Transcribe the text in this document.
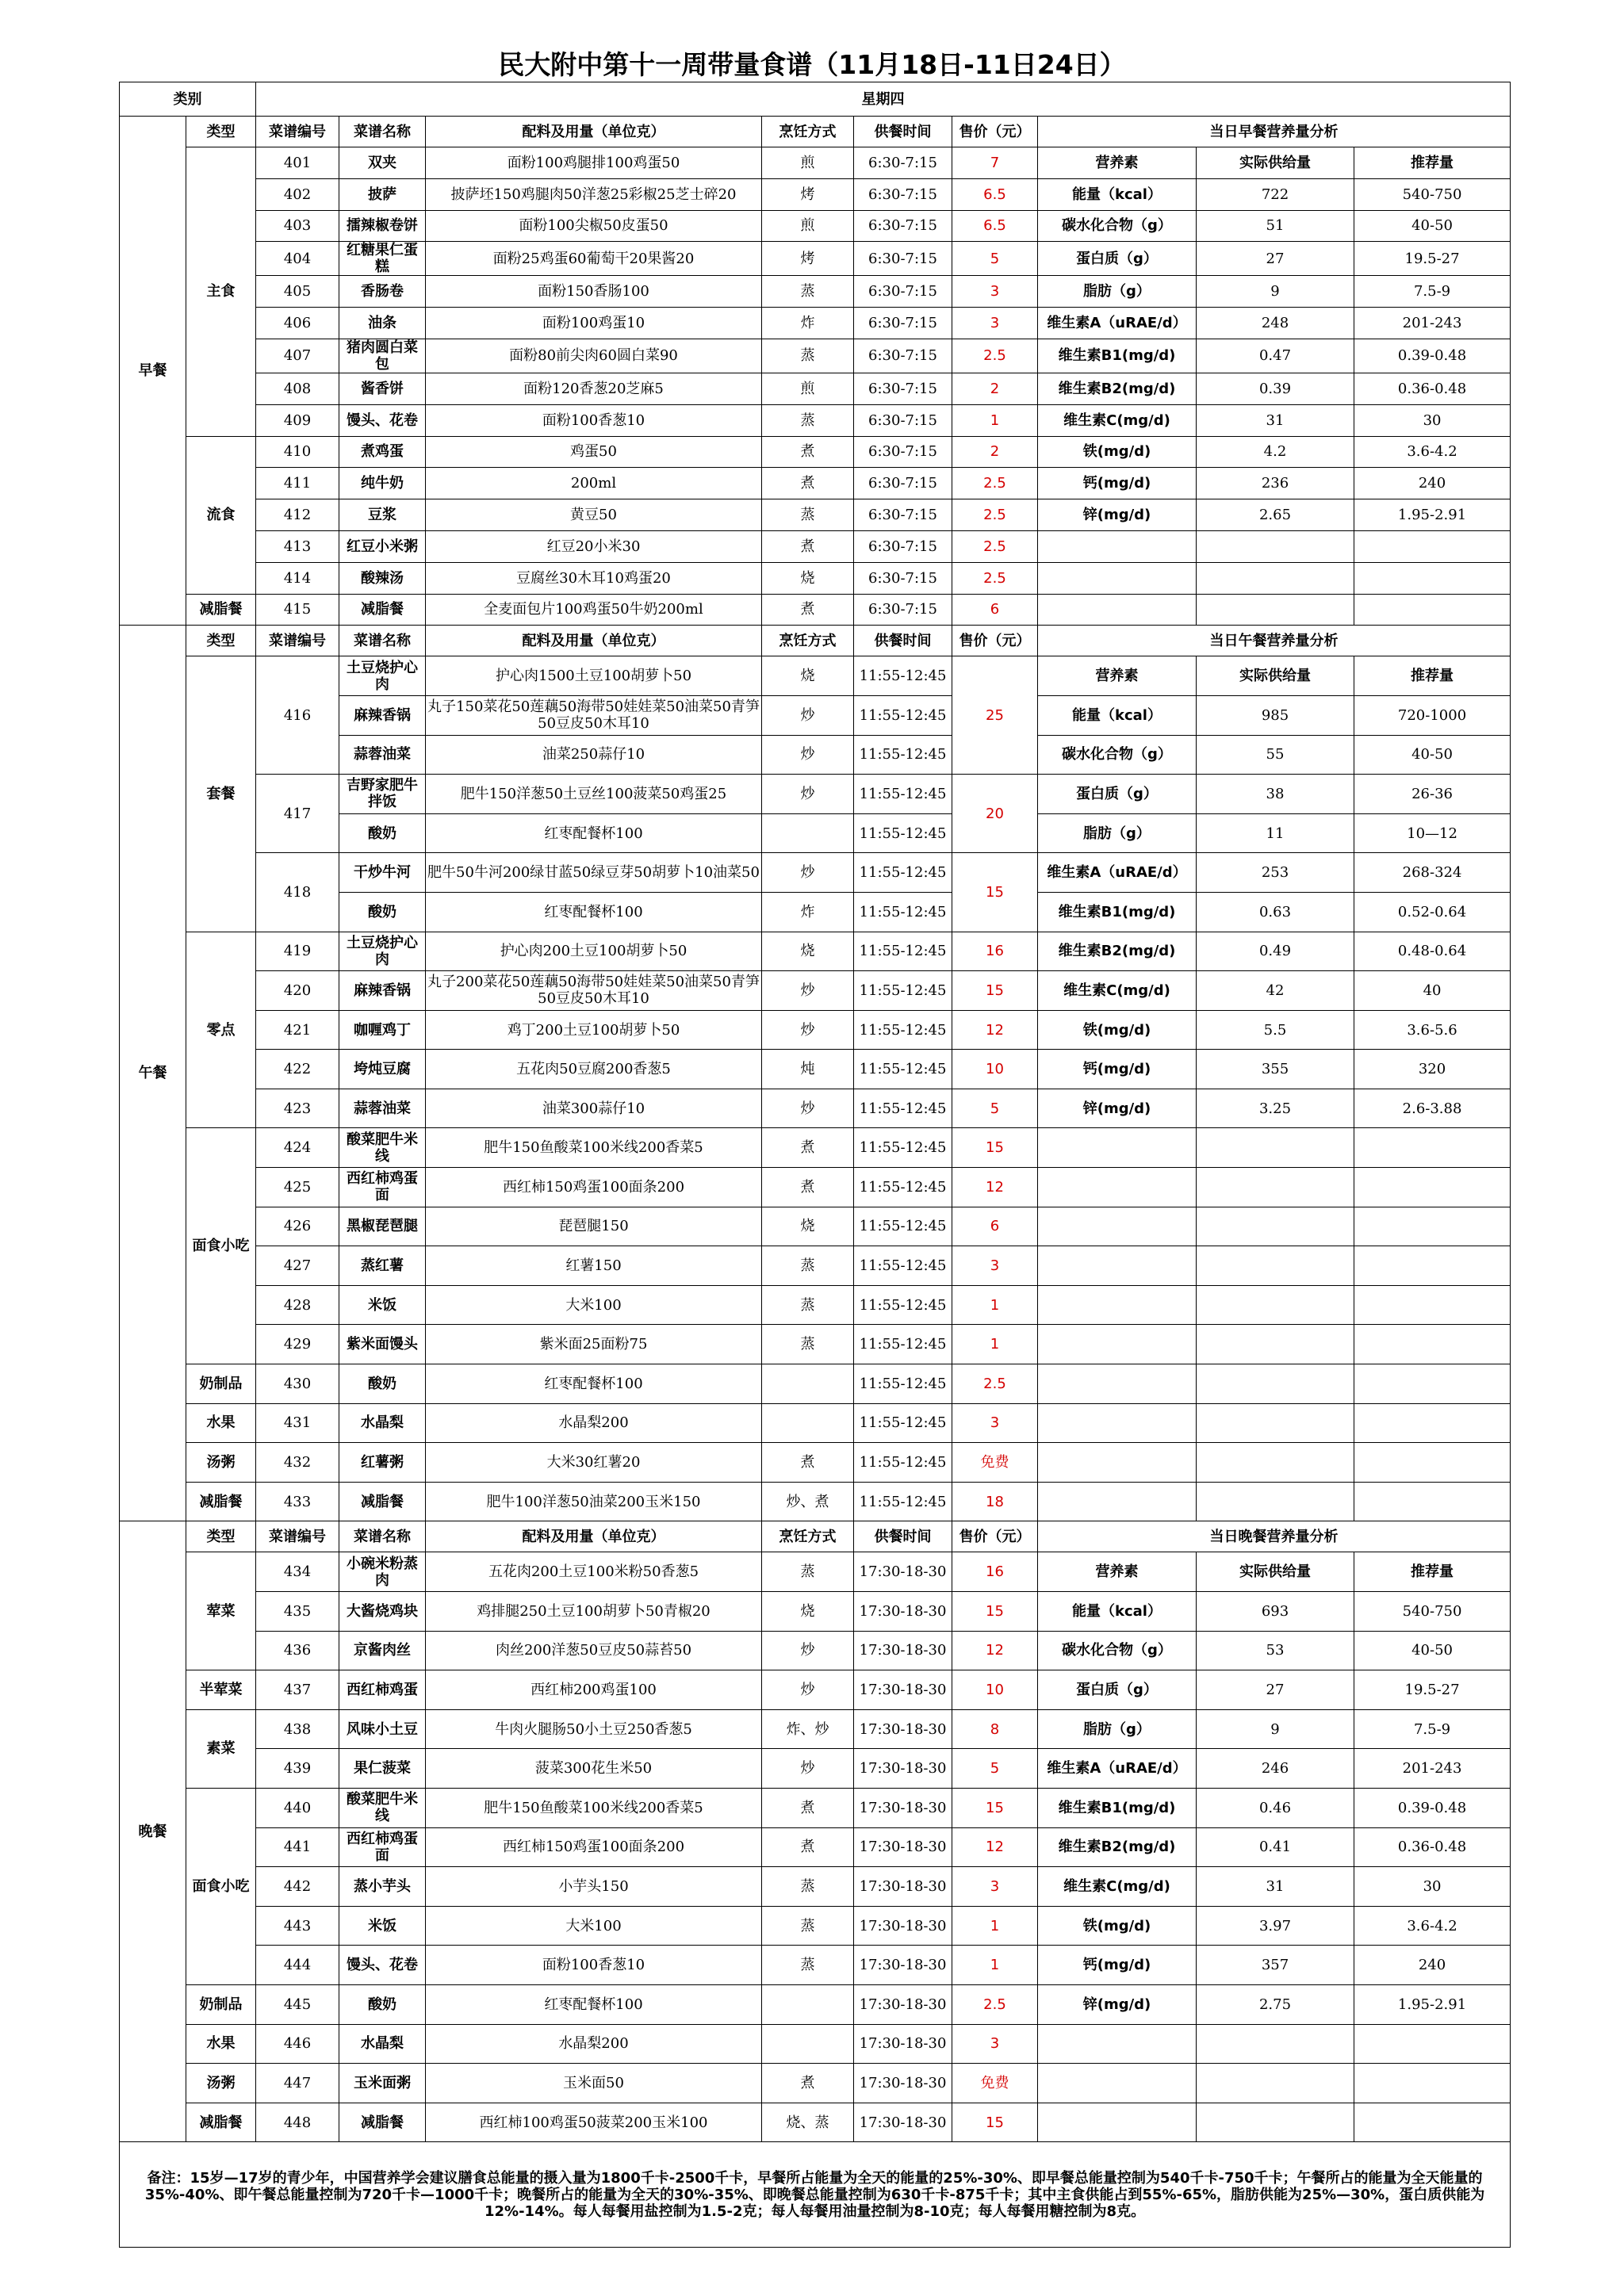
民大附中第十一周带量食谱（11月18日-11日24日）
类别		星期四								
早餐	类型	菜谱编号	菜谱名称	配料及用量（单位克）	烹饪方式	供餐时间	售价（元）	当日早餐营养量分析		
	主食	401	双夹	面粉100鸡腿排100鸡蛋50	煎	6:30-7:15	7	营养素	实际供给量	推荐量
		402	披萨	披萨坯150鸡腿肉50洋葱25彩椒25芝士碎20	烤	6:30-7:15	6.5	能量（kcal）	722	540-750
		403	擂辣椒卷饼	面粉100尖椒50皮蛋50	煎	6:30-7:15	6.5	碳水化合物（g）	51	40-50
		404	红糖果仁蛋糕	面粉25鸡蛋60葡萄干20果酱20	烤	6:30-7:15	5	蛋白质（g）	27	19.5-27
		405	香肠卷	面粉150香肠100	蒸	6:30-7:15	3	脂肪（g）	9	7.5-9
		406	油条	面粉100鸡蛋10	炸	6:30-7:15	3	维生素A（uRAE/d）	248	201-243
		407	猪肉圆白菜包	面粉80前尖肉60圆白菜90	蒸	6:30-7:15	2.5	维生素B1(mg/d)	0.47	0.39-0.48
		408	酱香饼	面粉120香葱20芝麻5	煎	6:30-7:15	2	维生素B2(mg/d)	0.39	0.36-0.48
		409	馒头、花卷	面粉100香葱10	蒸	6:30-7:15	1	维生素C(mg/d)	31	30
	流食	410	煮鸡蛋	鸡蛋50	煮	6:30-7:15	2	铁(mg/d)	4.2	3.6-4.2
		411	纯牛奶	200ml	煮	6:30-7:15	2.5	钙(mg/d)	236	240
		412	豆浆	黄豆50	蒸	6:30-7:15	2.5	锌(mg/d)	2.65	1.95-2.91
		413	红豆小米粥	红豆20小米30	煮	6:30-7:15	2.5			
		414	酸辣汤	豆腐丝30木耳10鸡蛋20	烧	6:30-7:15	2.5			
	减脂餐	415	减脂餐	全麦面包片100鸡蛋50牛奶200ml	煮	6:30-7:15	6			
午餐	类型	菜谱编号	菜谱名称	配料及用量（单位克）	烹饪方式	供餐时间	售价（元）	当日午餐营养量分析		
	套餐	416	土豆烧护心肉	护心肉1500土豆100胡萝卜50	烧	11:55-12:45	25	营养素	实际供给量	推荐量
			麻辣香锅	丸子150菜花50莲藕50海带50娃娃菜50油菜50青笋50豆皮50木耳10	炒	11:55-12:45		能量（kcal）	985	720-1000
			蒜蓉油菜	油菜250蒜仔10	炒	11:55-12:45		碳水化合物（g）	55	40-50
		417	吉野家肥牛拌饭	肥牛150洋葱50土豆丝100菠菜50鸡蛋25	炒	11:55-12:45	20	蛋白质（g）	38	26-36
			酸奶	红枣配餐杯100		11:55-12:45		脂肪（g）	11	10—12
		418	干炒牛河	肥牛50牛河200绿甘蓝50绿豆芽50胡萝卜10油菜50	炒	11:55-12:45	15	维生素A（uRAE/d）	253	268-324
			酸奶	红枣配餐杯100	炸	11:55-12:45		维生素B1(mg/d)	0.63	0.52-0.64
	零点	419	土豆烧护心肉	护心肉200土豆100胡萝卜50	烧	11:55-12:45	16	维生素B2(mg/d)	0.49	0.48-0.64
		420	麻辣香锅	丸子200菜花50莲藕50海带50娃娃菜50油菜50青笋50豆皮50木耳10	炒	11:55-12:45	15	维生素C(mg/d)	42	40
		421	咖喱鸡丁	鸡丁200土豆100胡萝卜50	炒	11:55-12:45	12	铁(mg/d)	5.5	3.6-5.6
		422	垮炖豆腐	五花肉50豆腐200香葱5	炖	11:55-12:45	10	钙(mg/d)	355	320
		423	蒜蓉油菜	油菜300蒜仔10	炒	11:55-12:45	5	锌(mg/d)	3.25	2.6-3.88
	面食小吃	424	酸菜肥牛米线	肥牛150鱼酸菜100米线200香菜5	煮	11:55-12:45	15			
		425	西红柿鸡蛋面	西红柿150鸡蛋100面条200	煮	11:55-12:45	12			
		426	黑椒琵琶腿	琵琶腿150	烧	11:55-12:45	6			
		427	蒸红薯	红薯150	蒸	11:55-12:45	3			
		428	米饭	大米100	蒸	11:55-12:45	1			
		429	紫米面馒头	紫米面25面粉75	蒸	11:55-12:45	1			
	奶制品	430	酸奶	红枣配餐杯100		11:55-12:45	2.5			
	水果	431	水晶梨	水晶梨200		11:55-12:45	3			
	汤粥	432	红薯粥	大米30红薯20	煮	11:55-12:45	免费			
	减脂餐	433	减脂餐	肥牛100洋葱50油菜200玉米150	炒、煮	11:55-12:45	18			
晚餐	类型	菜谱编号	菜谱名称	配料及用量（单位克）	烹饪方式	供餐时间	售价（元）	当日晚餐营养量分析		
	荤菜	434	小碗米粉蒸肉	五花肉200土豆100米粉50香葱5	蒸	17:30-18-30	16	营养素	实际供给量	推荐量
		435	大酱烧鸡块	鸡排腿250土豆100胡萝卜50青椒20	烧	17:30-18-30	15	能量（kcal）	693	540-750
		436	京酱肉丝	肉丝200洋葱50豆皮50蒜苔50	炒	17:30-18-30	12	碳水化合物（g）	53	40-50
	半荤菜	437	西红柿鸡蛋	西红柿200鸡蛋100	炒	17:30-18-30	10	蛋白质（g）	27	19.5-27
	素菜	438	风味小土豆	牛肉火腿肠50小土豆250香葱5	炸、炒	17:30-18-30	8	脂肪（g）	9	7.5-9
		439	果仁菠菜	菠菜300花生米50	炒	17:30-18-30	5	维生素A（uRAE/d）	246	201-243
	面食小吃	440	酸菜肥牛米线	肥牛150鱼酸菜100米线200香菜5	煮	17:30-18-30	15	维生素B1(mg/d)	0.46	0.39-0.48
		441	西红柿鸡蛋面	西红柿150鸡蛋100面条200	煮	17:30-18-30	12	维生素B2(mg/d)	0.41	0.36-0.48
		442	蒸小芋头	小芋头150	蒸	17:30-18-30	3	维生素C(mg/d)	31	30
		443	米饭	大米100	蒸	17:30-18-30	1	铁(mg/d)	3.97	3.6-4.2
		444	馒头、花卷	面粉100香葱10	蒸	17:30-18-30	1	钙(mg/d)	357	240
	奶制品	445	酸奶	红枣配餐杯100		17:30-18-30	2.5	锌(mg/d)	2.75	1.95-2.91
	水果	446	水晶梨	水晶梨200		17:30-18-30	3			
	汤粥	447	玉米面粥	玉米面50	煮	17:30-18-30	免费			
	减脂餐	448	减脂餐	西红柿100鸡蛋50菠菜200玉米100	烧、蒸	17:30-18-30	15			
备注：15岁—17岁的青少年，中国营养学会建议膳食总能量的摄入量为1800千卡-2500千卡，早餐所占能量为全天的能量的25%-30%、即早餐总能量控制为540千卡-750千卡；午餐所占的能量为全天能量的35%-40%、即午餐总能量控制为720千卡—1000千卡；晚餐所占的能量为全天的30%-35%、即晚餐总能量控制为630千卡-875千卡；其中主食供能占到55%-65%，脂肪供能为25%—30%，蛋白质供能为12%-14%。每人每餐用盐控制为1.5-2克；每人每餐用油量控制为8-10克；每人每餐用糖控制为8克。										
